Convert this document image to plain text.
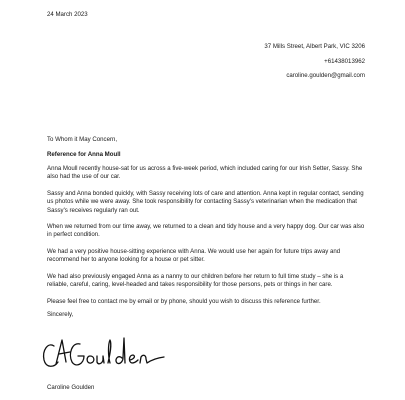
24 March 2023
37 Mills Street, Albert Park, VIC 3206
+61438013962
caroline.goulden@gmail.com
To Whom it May Concern,
Reference for Anna Moull
Anna Moull recently house-sat for us across a five-week period, which included caring for our Irish Setter, Sassy. She also had the use of our car.
Sassy and Anna bonded quickly, with Sassy receiving lots of care and attention. Anna kept in regular contact, sending us photos while we were away. She took responsibility for contacting Sassy's veterinarian when the medication that Sassy's receives regularly ran out.
When we returned from our time away, we returned to a clean and tidy house and a very happy dog. Our car was also in perfect condition.
We had a very positive house-sitting experience with Anna. We would use her again for future trips away and recommend her to anyone looking for a house or pet sitter.
We had also previously engaged Anna as a nanny to our children before her return to full time study – she is a reliable, careful, caring, level-headed and takes responsibility for those persons, pets or things in her care.
Please feel free to contact me by email or by phone, should you wish to discuss this reference further.
Sincerely,
Caroline Goulden
